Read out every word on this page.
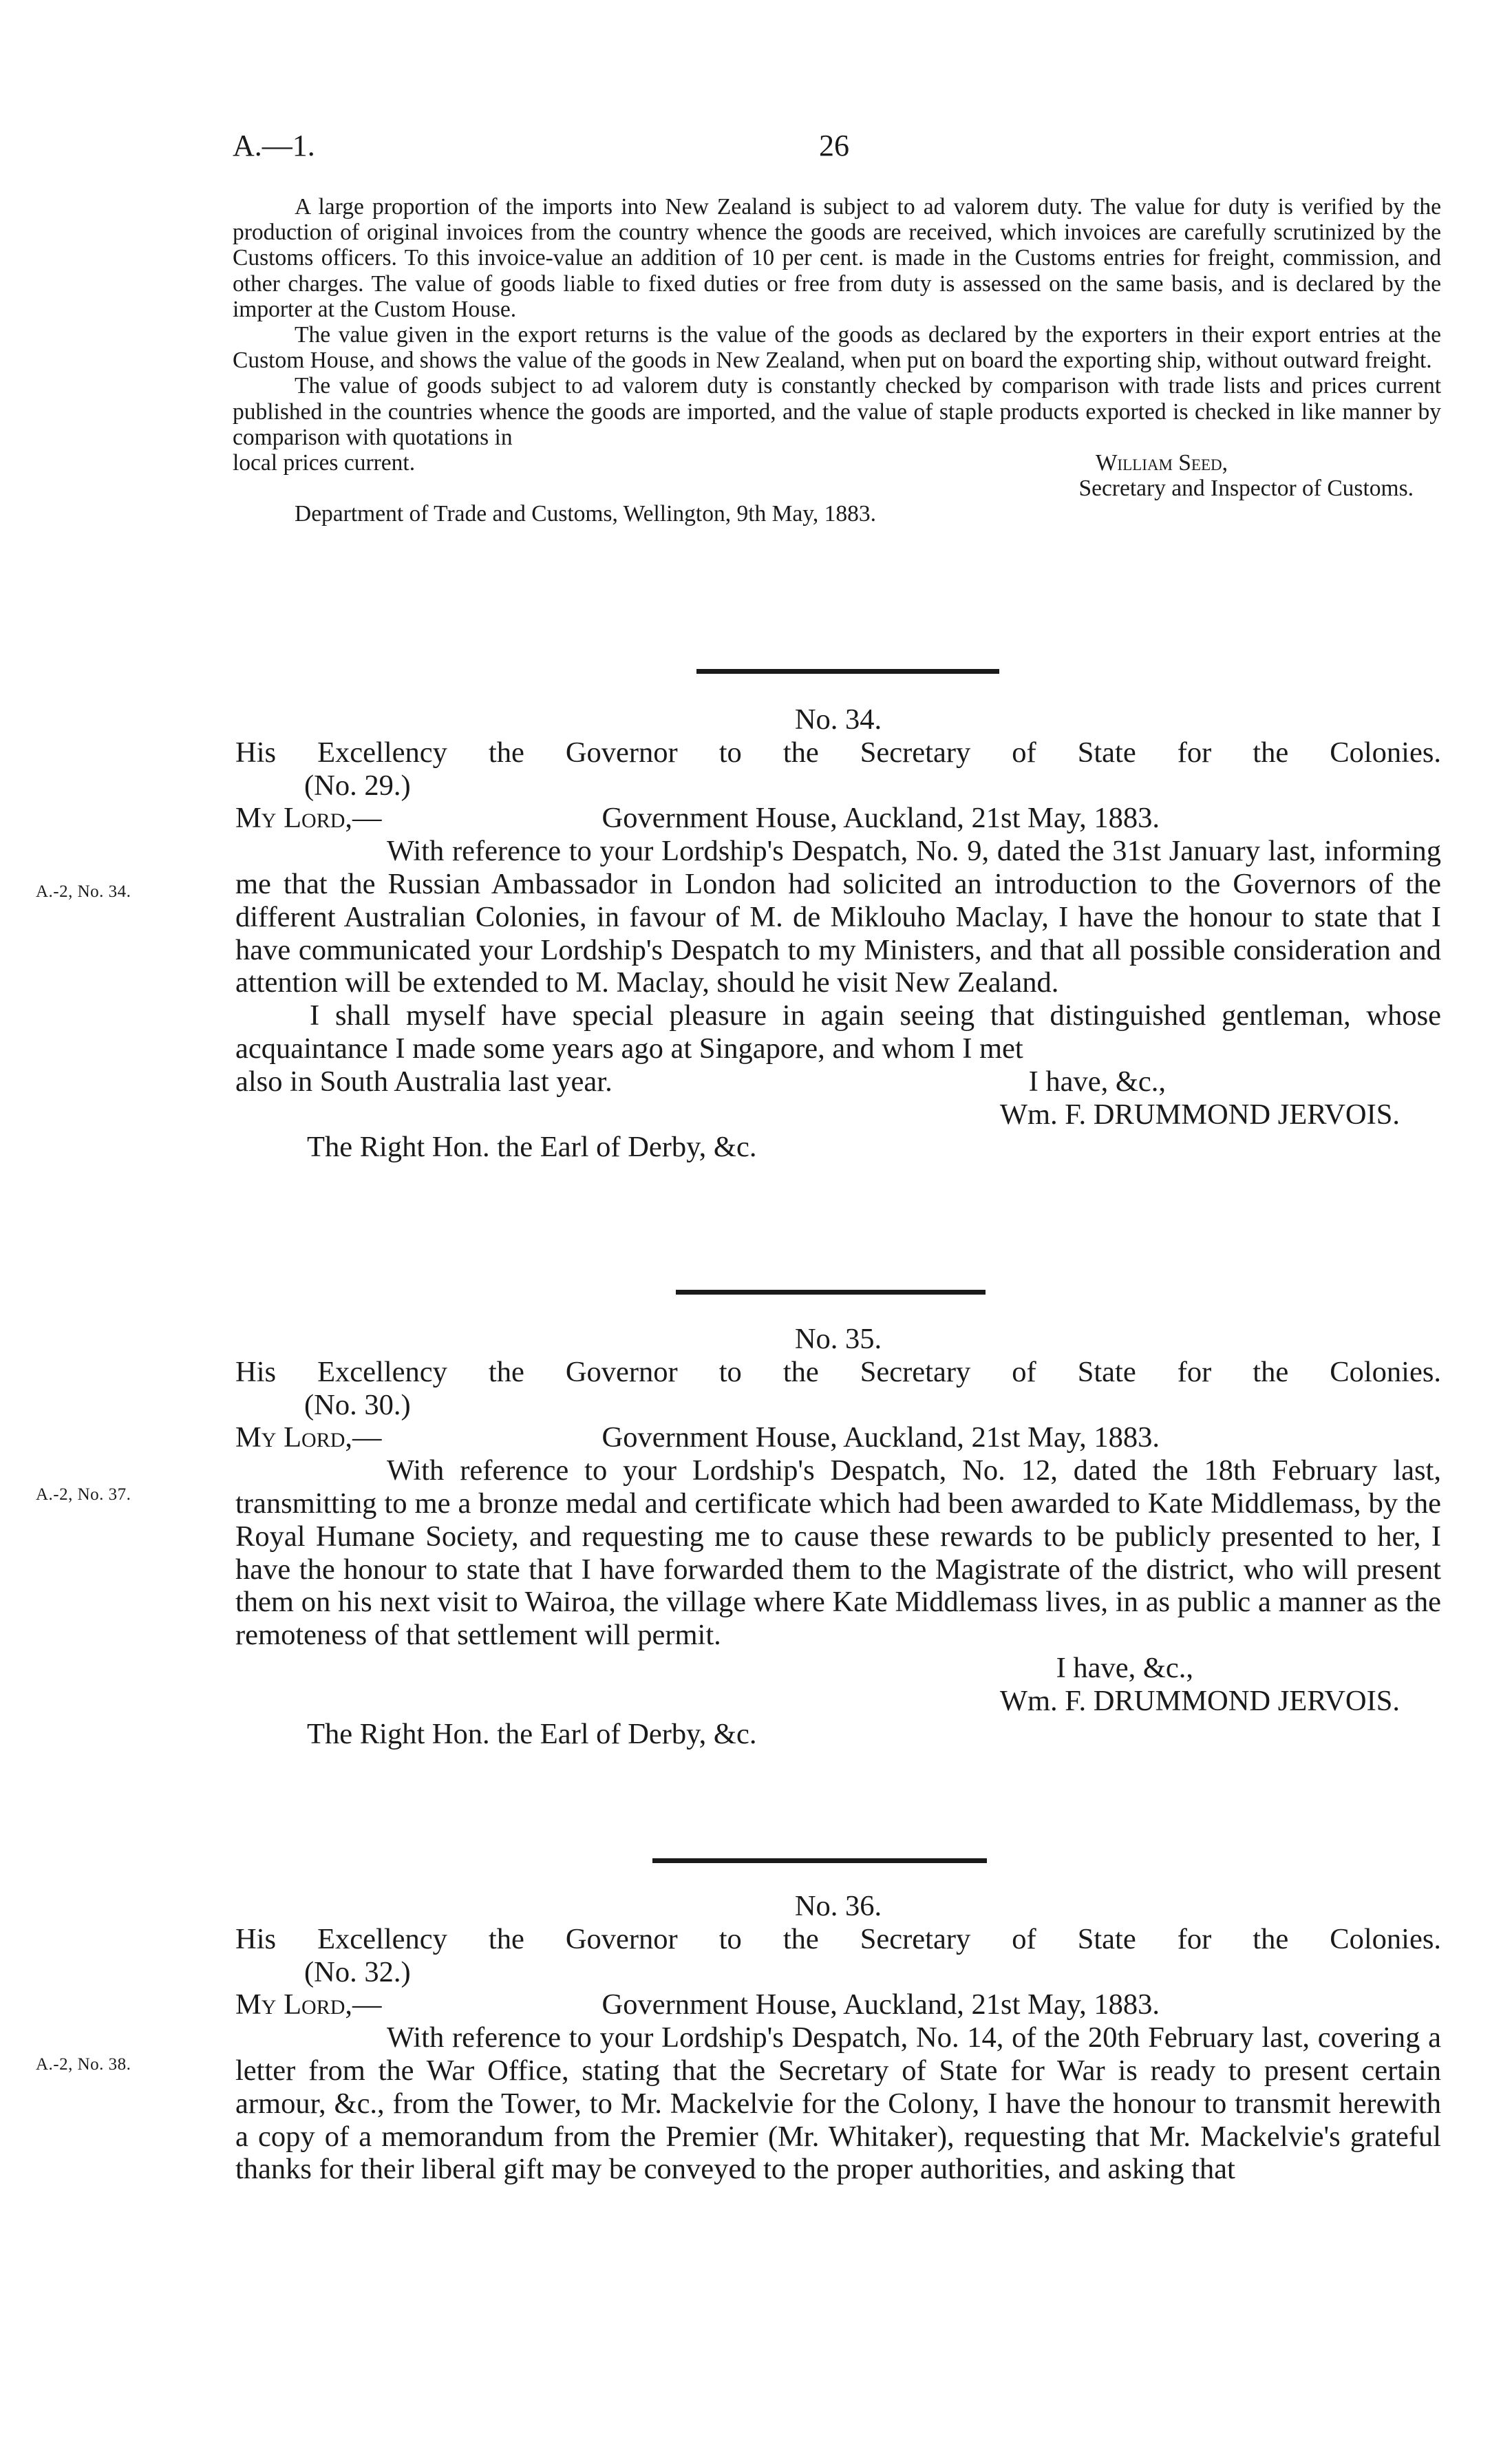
A.—1.	26

A large proportion of the imports into New Zealand is subject to ad valorem duty. The value for duty is verified by the production of original invoices from the country whence the goods are received, which invoices are carefully scrutinized by the Customs officers. To this invoice-value an addition of 10 per cent. is made in the Customs entries for freight, commission, and other charges. The value of goods liable to fixed duties or free from duty is assessed on the same basis, and is declared by the importer at the Custom House.

The value given in the export returns is the value of the goods as declared by the exporters in their export entries at the Custom House, and shows the value of the goods in New Zealand, when put on board the exporting ship, without outward freight.

The value of goods subject to ad valorem duty is constantly checked by comparison with trade lists and prices current published in the countries whence the goods are imported, and the value of staple products exported is checked in like manner by comparison with quotations in

local prices current.	William Seed,
Secretary and Inspector of Customs.
Department of Trade and Customs, Wellington, 9th May, 1883.

No. 34.

His Excellency the Governor to the Secretary of State for the Colonies.

(No. 29.)

My Lord,—	Government House, Auckland, 21st May, 1883.

With reference to your Lordship's Despatch, No. 9, dated the 31st January last, informing me that the Russian Ambassador in London had solicited an introduction to the Governors of the different Australian Colonies, in favour of M. de Miklouho Maclay, I have the honour to state that I have communicated your Lordship's Despatch to my Ministers, and that all possible consideration and attention will be extended to M. Maclay, should he visit New Zealand.

I shall myself have special pleasure in again seeing that distinguished gentleman, whose acquaintance I made some years ago at Singapore, and whom I met

also in South Australia last year.	I have, &c.,

Wm. F. DRUMMOND JERVOIS.

The Right Hon. the Earl of Derby, &c.

A.-2, No. 34.

No. 35.

His Excellency the Governor to the Secretary of State for the Colonies.

(No. 30.)

My Lord,—	Government House, Auckland, 21st May, 1883.

With reference to your Lordship's Despatch, No. 12, dated the 18th February last, transmitting to me a bronze medal and certificate which had been awarded to Kate Middlemass, by the Royal Humane Society, and requesting me to cause these rewards to be publicly presented to her, I have the honour to state that I have forwarded them to the Magistrate of the district, who will present them on his next visit to Wairoa, the village where Kate Middlemass lives, in as public a manner as the remoteness of that settlement will permit.

I have, &c.,

Wm. F. DRUMMOND JERVOIS.

The Right Hon. the Earl of Derby, &c.

A.-2, No. 37.

No. 36.

His Excellency the Governor to the Secretary of State for the Colonies.

(No. 32.)

My Lord,—	Government House, Auckland, 21st May, 1883.

With reference to your Lordship's Despatch, No. 14, of the 20th February last, covering a letter from the War Office, stating that the Secretary of State for War is ready to present certain armour, &c., from the Tower, to Mr. Mackelvie for the Colony, I have the honour to transmit herewith a copy of a memorandum from the Premier (Mr. Whitaker), requesting that Mr. Mackelvie's grateful thanks for their liberal gift may be conveyed to the proper authorities, and asking that

A.-2, No. 38.
